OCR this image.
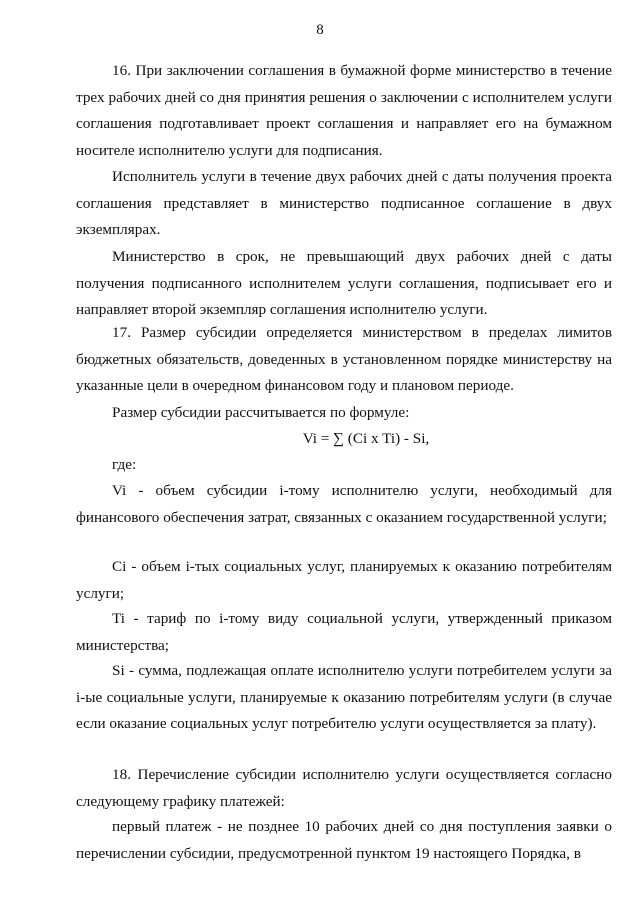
8

16. При заключении соглашения в бумажной форме министерство в течение трех рабочих дней со дня принятия решения о заключении с исполнителем услуги соглашения подготавливает проект соглашения и направляет его на бумажном носителе исполнителю услуги для подписания.

Исполнитель услуги в течение двух рабочих дней с даты получения проекта соглашения представляет в министерство подписанное соглашение в двух экземплярах.

Министерство в срок, не превышающий двух рабочих дней с даты получения подписанного исполнителем услуги соглашения, подписывает его и направляет второй экземпляр соглашения исполнителю услуги.

17. Размер субсидии определяется министерством в пределах лимитов бюджетных обязательств, доведенных в установленном порядке министерству на указанные цели в очередном финансовом году и плановом периоде.

Размер субсидии рассчитывается по формуле:

Vi = ∑ (Ci x Ti) - Si,

где:

Vi - объем субсидии i-тому исполнителю услуги, необходимый для финансового обеспечения затрат, связанных с оказанием государственной услуги;

Ci - объем i-тых социальных услуг, планируемых к оказанию потребителям услуги;

Ti - тариф по i-тому виду социальной услуги, утвержденный приказом министерства;

Si - сумма, подлежащая оплате исполнителю услуги потребителем услуги за i-ые социальные услуги, планируемые к оказанию потребителям услуги (в случае если оказание социальных услуг потребителю услуги осуществляется за плату).

18. Перечисление субсидии исполнителю услуги осуществляется согласно следующему графику платежей:

первый платеж - не позднее 10 рабочих дней со дня поступления заявки о перечислении субсидии, предусмотренной пунктом 19 настоящего Порядка, в
